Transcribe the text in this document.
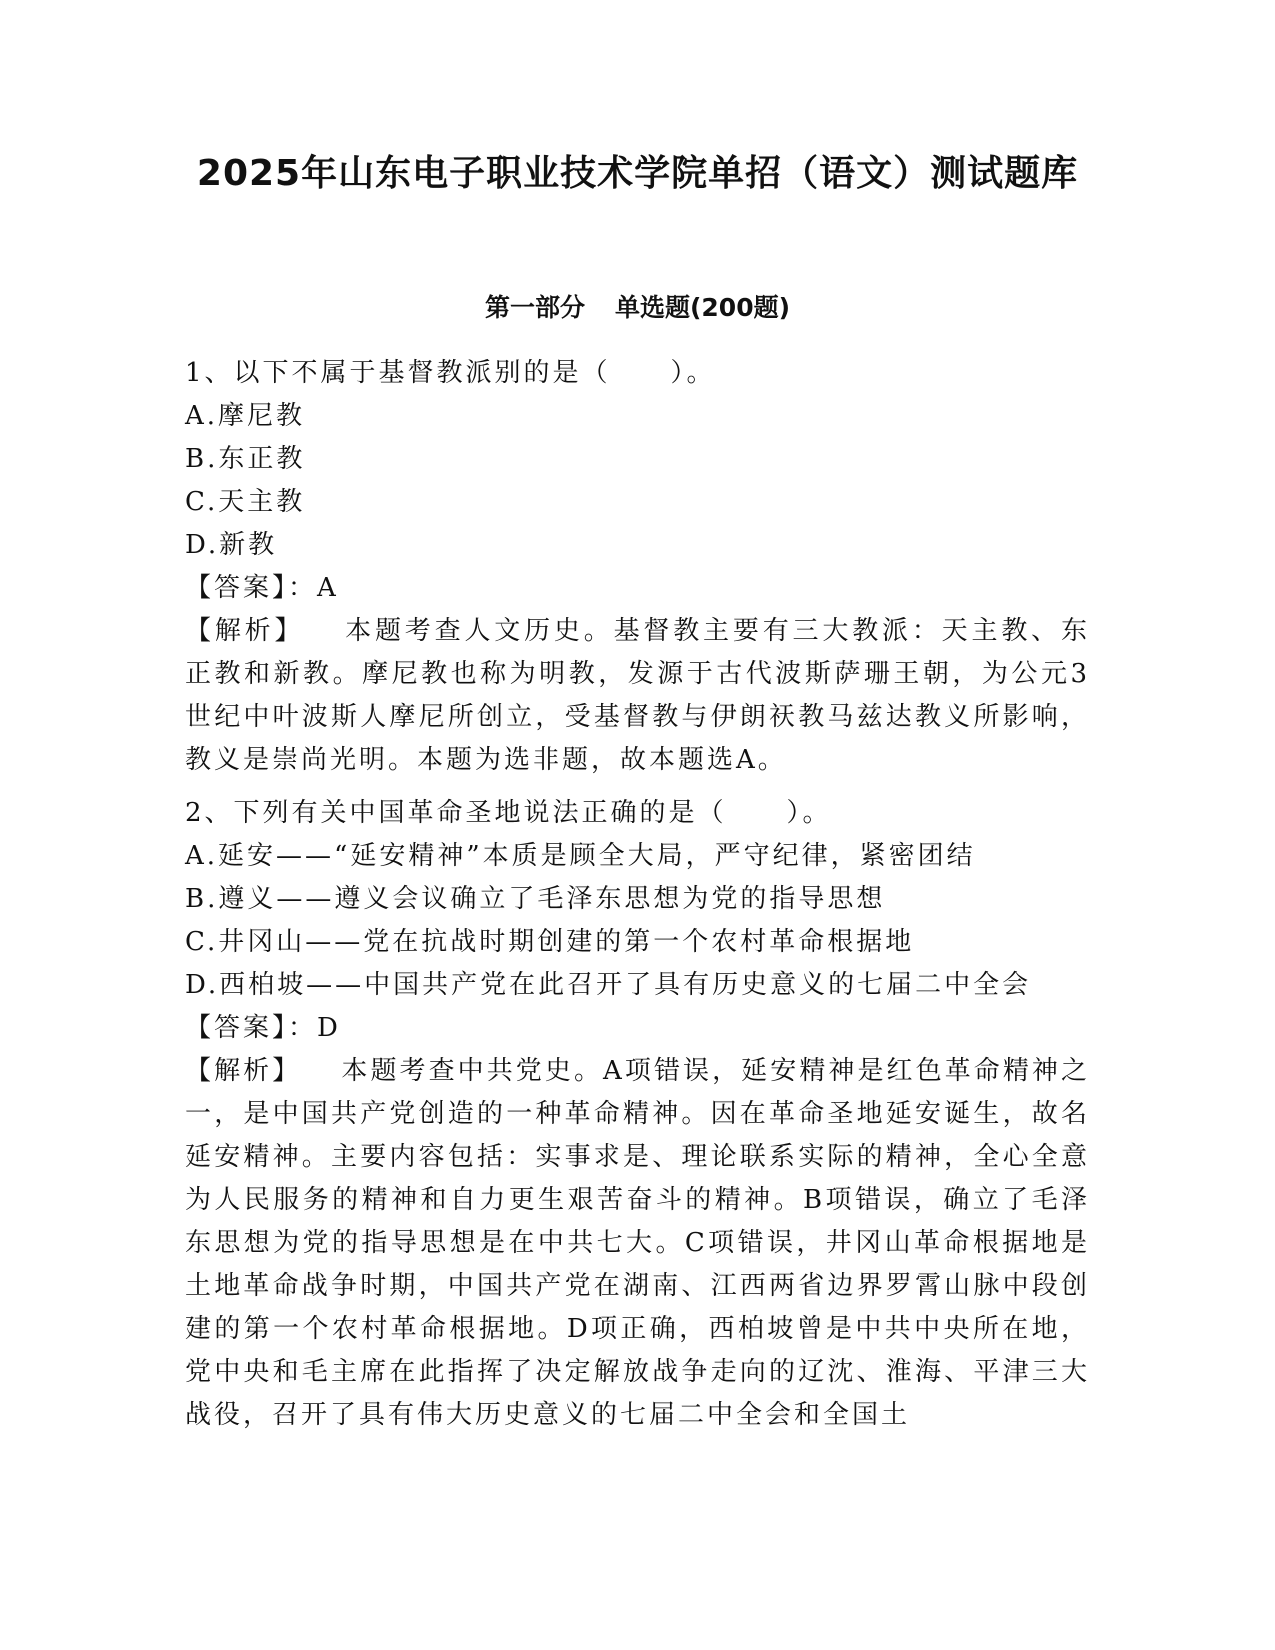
2025年山东电子职业技术学院单招（语文）测试题库
第一部分 单选题(200题)
1、以下不属于基督教派别的是（ ）。
A.摩尼教
B.东正教
C.天主教
D.新教
【答案】：A

【解析】 本题考查人文历史。基督教主要有三大教派：天主教、东正教和新教。摩尼教也称为明教，发源于古代波斯萨珊王朝，为公元3世纪中叶波斯人摩尼所创立，受基督教与伊朗祆教马兹达教义所影响，教义是崇尚光明。本题为选非题，故本题选A。

2、下列有关中国革命圣地说法正确的是（ ）。
A.延安——“延安精神”本质是顾全大局，严守纪律，紧密团结
B.遵义——遵义会议确立了毛泽东思想为党的指导思想
C.井冈山——党在抗战时期创建的第一个农村革命根据地
D.西柏坡——中国共产党在此召开了具有历史意义的七届二中全会
【答案】：D

【解析】 本题考查中共党史。A项错误，延安精神是红色革命精神之一，是中国共产党创造的一种革命精神。因在革命圣地延安诞生，故名延安精神。主要内容包括：实事求是、理论联系实际的精神，全心全意为人民服务的精神和自力更生艰苦奋斗的精神。B项错误，确立了毛泽东思想为党的指导思想是在中共七大。C项错误，井冈山革命根据地是土地革命战争时期，中国共产党在湖南、江西两省边界罗霄山脉中段创建的第一个农村革命根据地。D项正确，西柏坡曾是中共中央所在地，党中央和毛主席在此指挥了决定解放战争走向的辽沈、淮海、平津三大战役，召开了具有伟大历史意义的七届二中全会和全国土
